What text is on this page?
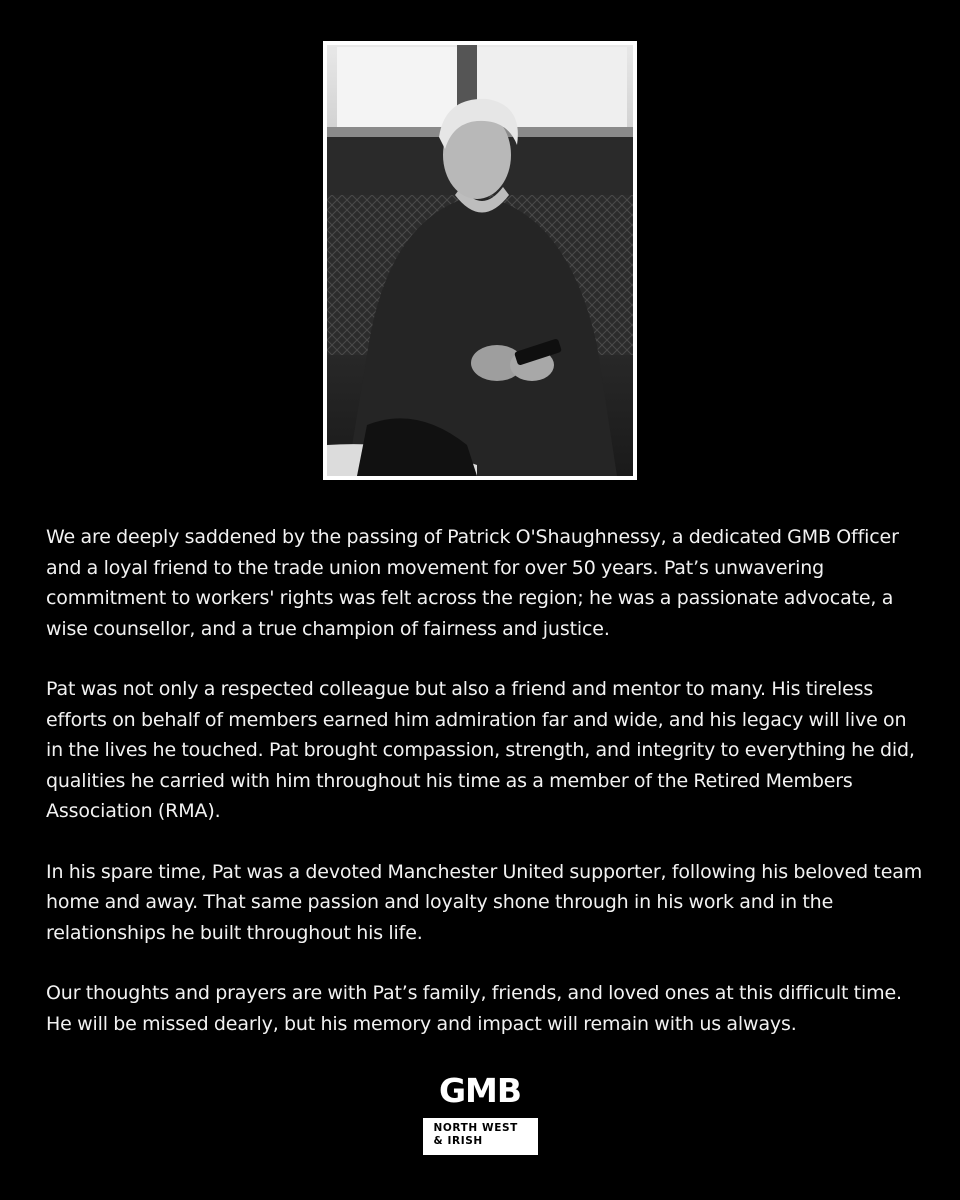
We are deeply saddened by the passing of Patrick O'Shaughnessy, a dedicated GMB Officer and a loyal friend to the trade union movement for over 50 years. Pat’s unwavering commitment to workers' rights was felt across the region; he was a passionate advocate, a wise counsellor, and a true champion of fairness and justice.

Pat was not only a respected colleague but also a friend and mentor to many. His tireless efforts on behalf of members earned him admiration far and wide, and his legacy will live on in the lives he touched. Pat brought compassion, strength, and integrity to everything he did, qualities he carried with him throughout his time as a member of the Retired Members Association (RMA).

In his spare time, Pat was a devoted Manchester United supporter, following his beloved team home and away. That same passion and loyalty shone through in his work and in the relationships he built throughout his life.

Our thoughts and prayers are with Pat’s family, friends, and loved ones at this difficult time. He will be missed dearly, but his memory and impact will remain with us always.

GMB
NORTH WEST
& IRISH
